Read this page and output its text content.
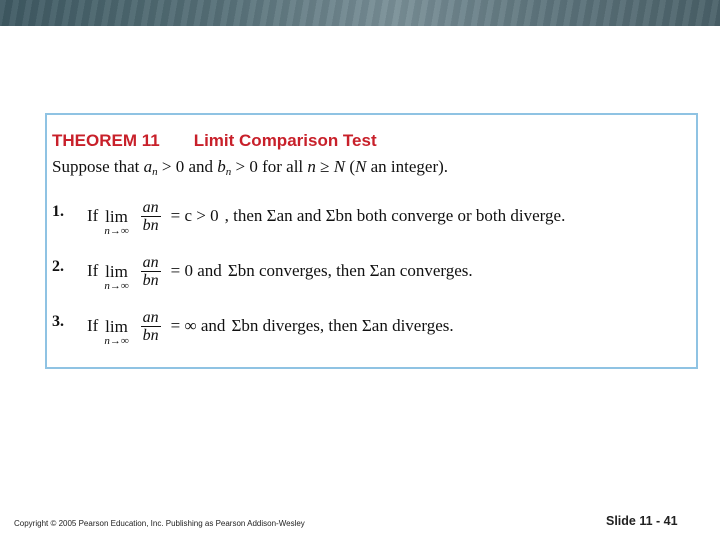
THEOREM 11 Limit Comparison Test
Suppose that $a_n > 0$ and $b_n > 0$ for all n ≥ N (N an integer).
1. If lim
$n\to\infty \frac{an}{bn} = c > 0$ , then Σan and Σbn both converge or both diverge.
2. If lim
$n\to\infty \frac{an}{bn} = 0$ and Σbn converges, then Σan converges.
3. If lim
$n\to\infty \frac{an}{bn}$ = ∞ and Σbn diverges, then Σan diverges.
Copyright © 2005 Pearson Education, Inc. Publishing as Pearson Addison-Wesley	Slide 11 - 41
